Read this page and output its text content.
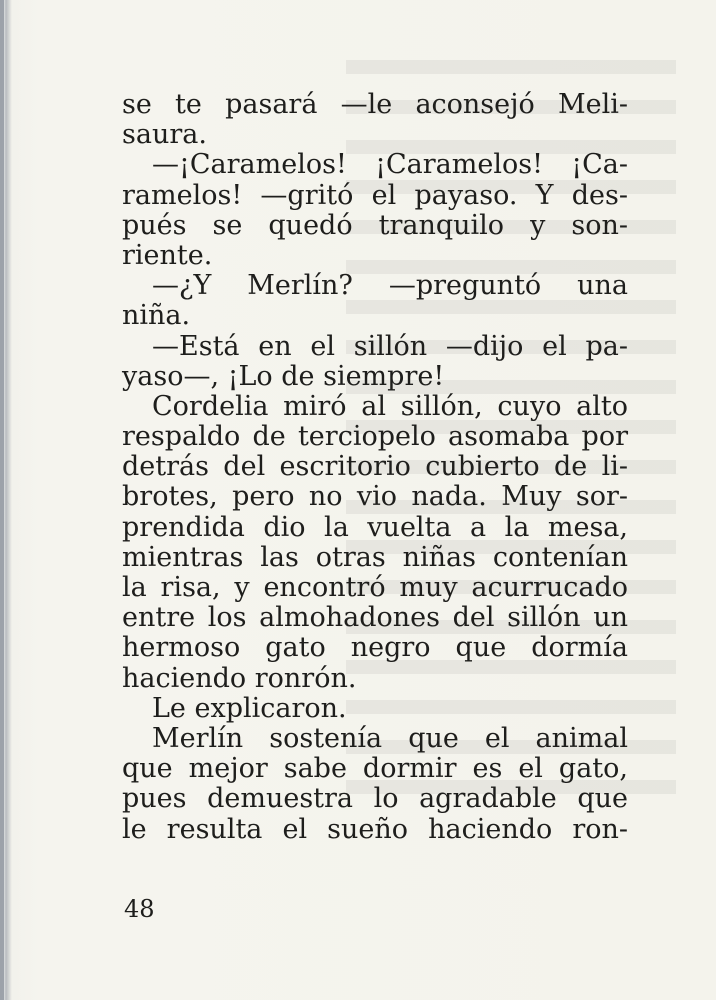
se te pasará —le aconsejó Meli-
saura.
—¡Caramelos! ¡Caramelos! ¡Ca-
ramelos! —gritó el payaso. Y des-
pués se quedó tranquilo y son-
riente.
—¿Y Merlín? —preguntó una
niña.
—Está en el sillón —dijo el pa-
yaso—, ¡Lo de siempre!
Cordelia miró al sillón, cuyo alto
respaldo de terciopelo asomaba por
detrás del escritorio cubierto de li-
brotes, pero no vio nada. Muy sor-
prendida dio la vuelta a la mesa,
mientras las otras niñas contenían
la risa, y encontró muy acurrucado
entre los almohadones del sillón un
hermoso gato negro que dormía
haciendo ronrón.
Le explicaron.
Merlín sostenía que el animal
que mejor sabe dormir es el gato,
pues demuestra lo agradable que
le resulta el sueño haciendo ron-
48
